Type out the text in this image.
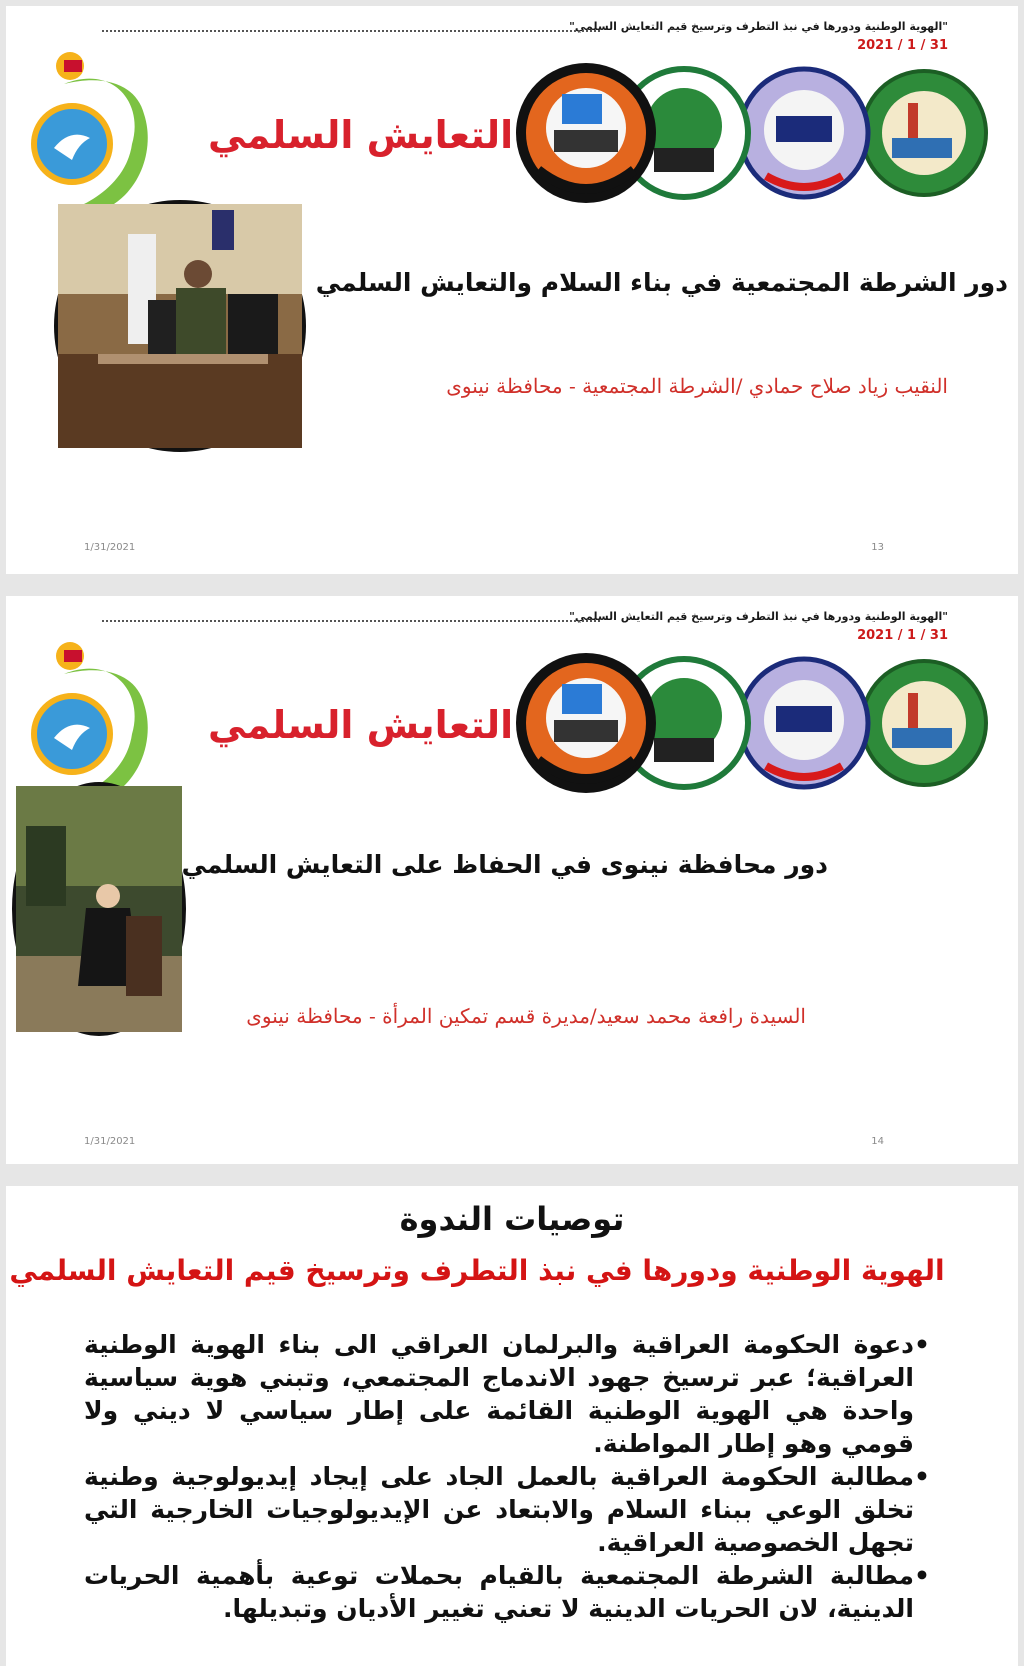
"الهوية الوطنية ودورها في نبذ التطرف وترسيخ قيم التعايش السلمي"
2021 / 1 / 31
التعايش السلمي
دور الشرطة المجتمعية في بناء السلام والتعايش السلمي
النقيب زياد صلاح حمادي /الشرطة المجتمعية - محافظة نينوى
1/31/2021	13
"الهوية الوطنية ودورها في نبذ التطرف وترسيخ قيم التعايش السلمي"
2021 / 1 / 31
التعايش السلمي
دور محافظة نينوى في الحفاظ على التعايش السلمي
السيدة رافعة محمد سعيد/مديرة قسم تمكين المرأة - محافظة نينوى
1/31/2021	14
توصيات الندوة
الهوية الوطنية ودورها في نبذ التطرف وترسيخ قيم التعايش السلمي
• دعوة الحكومة العراقية والبرلمان العراقي الى بناء الهوية الوطنية العراقية؛ عبر ترسيخ جهود الاندماج المجتمعي، وتبني هوية سياسية واحدة هي الهوية الوطنية القائمة على إطار سياسي لا ديني ولا قومي وهو إطار المواطنة.
• مطالبة الحكومة العراقية بالعمل الجاد على إيجاد إيديولوجية وطنية تخلق الوعي ببناء السلام والابتعاد عن الإيديولوجيات الخارجية التي تجهل الخصوصية العراقية.
• مطالبة الشرطة المجتمعية بالقيام بحملات توعية بأهمية الحريات الدينية، لان الحريات الدينية لا تعني تغيير الأديان وتبديلها.
